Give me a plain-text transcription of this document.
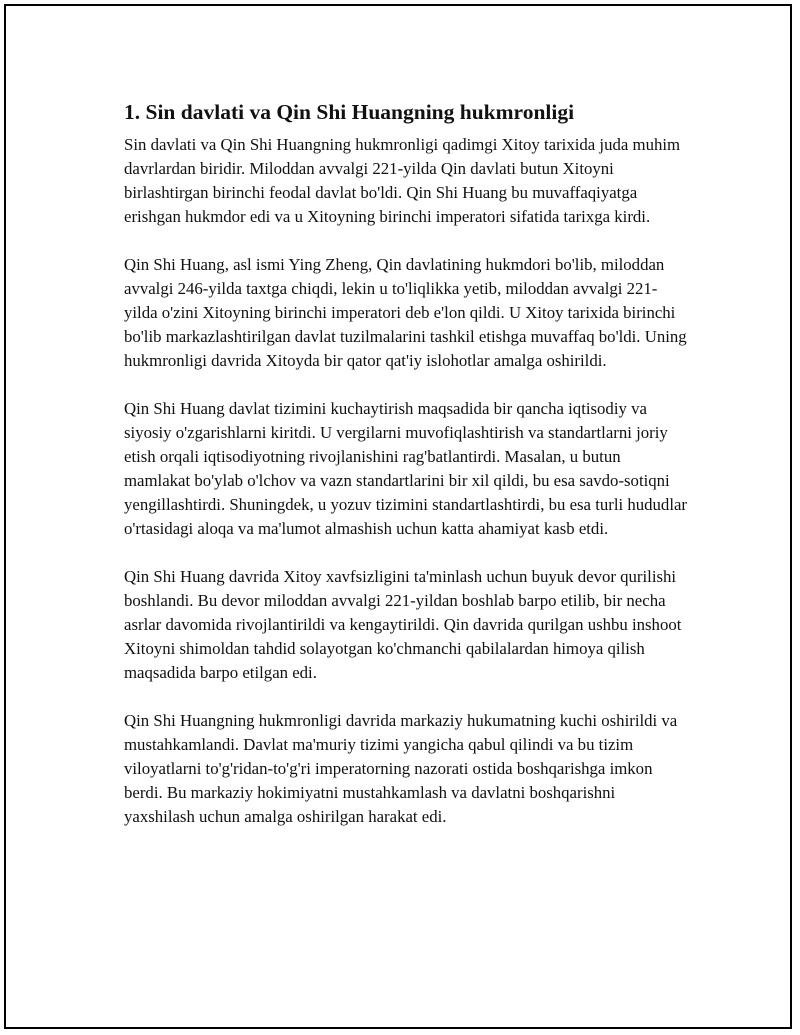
1. Sin davlati va Qin Shi Huangning hukmronligi

Sin davlati va Qin Shi Huangning hukmronligi qadimgi Xitoy tarixida juda muhim davrlardan biridir. Miloddan avvalgi 221-yilda Qin davlati butun Xitoyni birlashtirgan birinchi feodal davlat bo'ldi. Qin Shi Huang bu muvaffaqiyatga erishgan hukmdor edi va u Xitoyning birinchi imperatori sifatida tarixga kirdi.

Qin Shi Huang, asl ismi Ying Zheng, Qin davlatining hukmdori bo'lib, miloddan avvalgi 246-yilda taxtga chiqdi, lekin u to'liqlikka yetib, miloddan avvalgi 221-yilda o'zini Xitoyning birinchi imperatori deb e'lon qildi. U Xitoy tarixida birinchi bo'lib markazlashtirilgan davlat tuzilmalarini tashkil etishga muvaffaq bo'ldi. Uning hukmronligi davrida Xitoyda bir qator qat'iy islohotlar amalga oshirildi.

Qin Shi Huang davlat tizimini kuchaytirish maqsadida bir qancha iqtisodiy va siyosiy o'zgarishlarni kiritdi. U vergilarni muvofiqlashtirish va standartlarni joriy etish orqali iqtisodiyotning rivojlanishini rag'batlantirdi. Masalan, u butun mamlakat bo'ylab o'lchov va vazn standartlarini bir xil qildi, bu esa savdo-sotiqni yengillashtirdi. Shuningdek, u yozuv tizimini standartlashtirdi, bu esa turli hududlar o'rtasidagi aloqa va ma'lumot almashish uchun katta ahamiyat kasb etdi.

Qin Shi Huang davrida Xitoy xavfsizligini ta'minlash uchun buyuk devor qurilishi boshlandi. Bu devor miloddan avvalgi 221-yildan boshlab barpo etilib, bir necha asrlar davomida rivojlantirildi va kengaytirildi. Qin davrida qurilgan ushbu inshoot Xitoyni shimoldan tahdid solayotgan ko'chmanchi qabilalardan himoya qilish maqsadida barpo etilgan edi.

Qin Shi Huangning hukmronligi davrida markaziy hukumatning kuchi oshirildi va mustahkamlandi. Davlat ma'muriy tizimi yangicha qabul qilindi va bu tizim viloyatlarni to'g'ridan-to'g'ri imperatorning nazorati ostida boshqarishga imkon berdi. Bu markaziy hokimiyatni mustahkamlash va davlatni boshqarishni yaxshilash uchun amalga oshirilgan harakat edi.
